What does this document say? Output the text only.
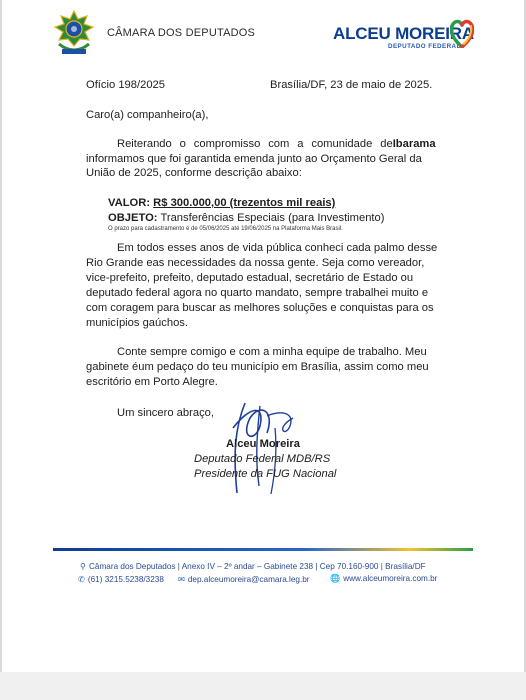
CÂMARA DOS DEPUTADOS	ALCEU MOREIRA
DEPUTADO FEDERAL
Ofício 198/2025	Brasília/DF, 23 de maio de 2025.
Caro(a) companheiro(a),
Reiterando o compromisso com a comunidade de Ibarama
informamos que foi garantida emenda junto ao Orçamento Geral da
União de 2025, conforme descrição abaixo:
VALOR: R$ 300.000,00 (trezentos mil reais)
OBJETO: Transferências Especiais (para Investimento)
O prazo para cadastramento é de 05/06/2025 até 19/06/2025 na Plataforma Mais Brasil.
Em todos esses anos de vida pública conheci cada palmo desse
Rio Grande eas necessidades da nossa gente. Seja como vereador,
vice-prefeito, prefeito, deputado estadual, secretário de Estado ou
deputado federal agora no quarto mandato, sempre trabalhei muito e
com coragem para buscar as melhores soluções e conquistas para os
municípios gaúchos.
Conte sempre comigo e com a minha equipe de trabalho. Meu
gabinete éum pedaço do teu município em Brasília, assim como meu
escritório em Porto Alegre.
Um sincero abraço,
Alceu Moreira
Deputado Federal MDB/RS
Presidente da FUG Nacional
⚲ Câmara dos Deputados | Anexo IV – 2º andar – Gabinete 238 | Cep 70.160-900 | Brasília/DF
✆ (61) 3215.5238/3238 ✉ dep.alceumoreira@camara.leg.br 🌐 www.alceumoreira.com.br
